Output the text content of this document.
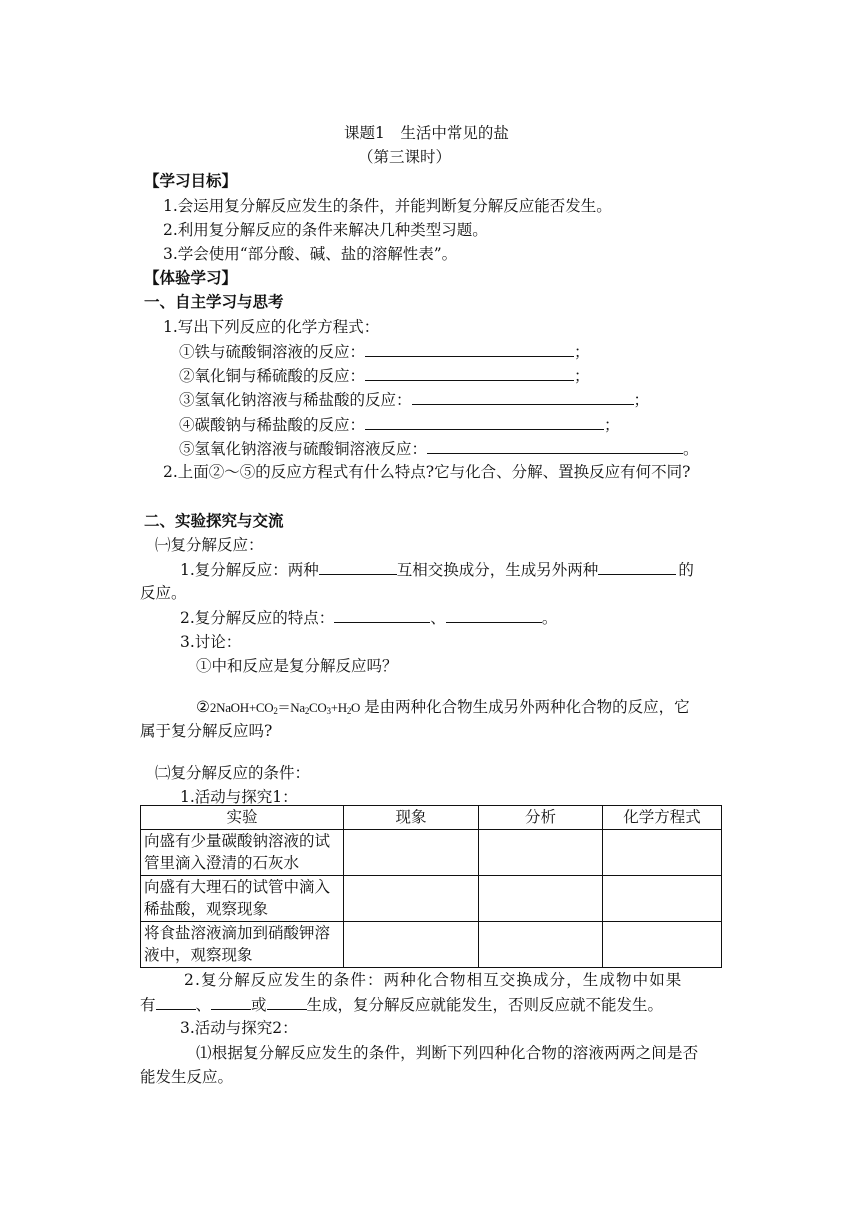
课题1　生活中常见的盐
（第三课时）
【学习目标】
1.会运用复分解反应发生的条件，并能判断复分解反应能否发生。
2.利用复分解反应的条件来解决几种类型习题。
3.学会使用“部分酸、碱、盐的溶解性表”。
【体验学习】
一、自主学习与思考
1.写出下列反应的化学方程式：
①铁与硫酸铜溶液的反应：	；
②氧化铜与稀硫酸的反应：	；
③氢氧化钠溶液与稀盐酸的反应：	；
④碳酸钠与稀盐酸的反应：	；
⑤氢氧化钠溶液与硫酸铜溶液反应：	。
2.上面②～⑤的反应方程式有什么特点?它与化合、分解、置换反应有何不同?
二、实验探究与交流
㈠复分解反应：
1.复分解反应：两种	互相交换成分，生成另外两种	的
反应。
2.复分解反应的特点：	、	。
3.讨论：
①中和反应是复分解反应吗？
$②2NaOH+CO_2=Na_2CO_3+H_2O$ 是由两种化合物生成另外两种化合物的反应，它
属于复分解反应吗?
㈡复分解反应的条件：
1.活动与探究1：
实验	现象	分析	化学方程式
向盛有少量碳酸钠溶液的试管里滴入澄清的石灰水			
向盛有大理石的试管中滴入稀盐酸，观察现象			
将食盐溶液滴加到硝酸钾溶液中，观察现象			
2.复分解反应发生的条件：两种化合物相互交换成分，生成物中如果
有	、	或	生成，复分解反应就能发生，否则反应就不能发生。
3.活动与探究2：
⑴根据复分解反应发生的条件，判断下列四种化合物的溶液两两之间是否
能发生反应。
